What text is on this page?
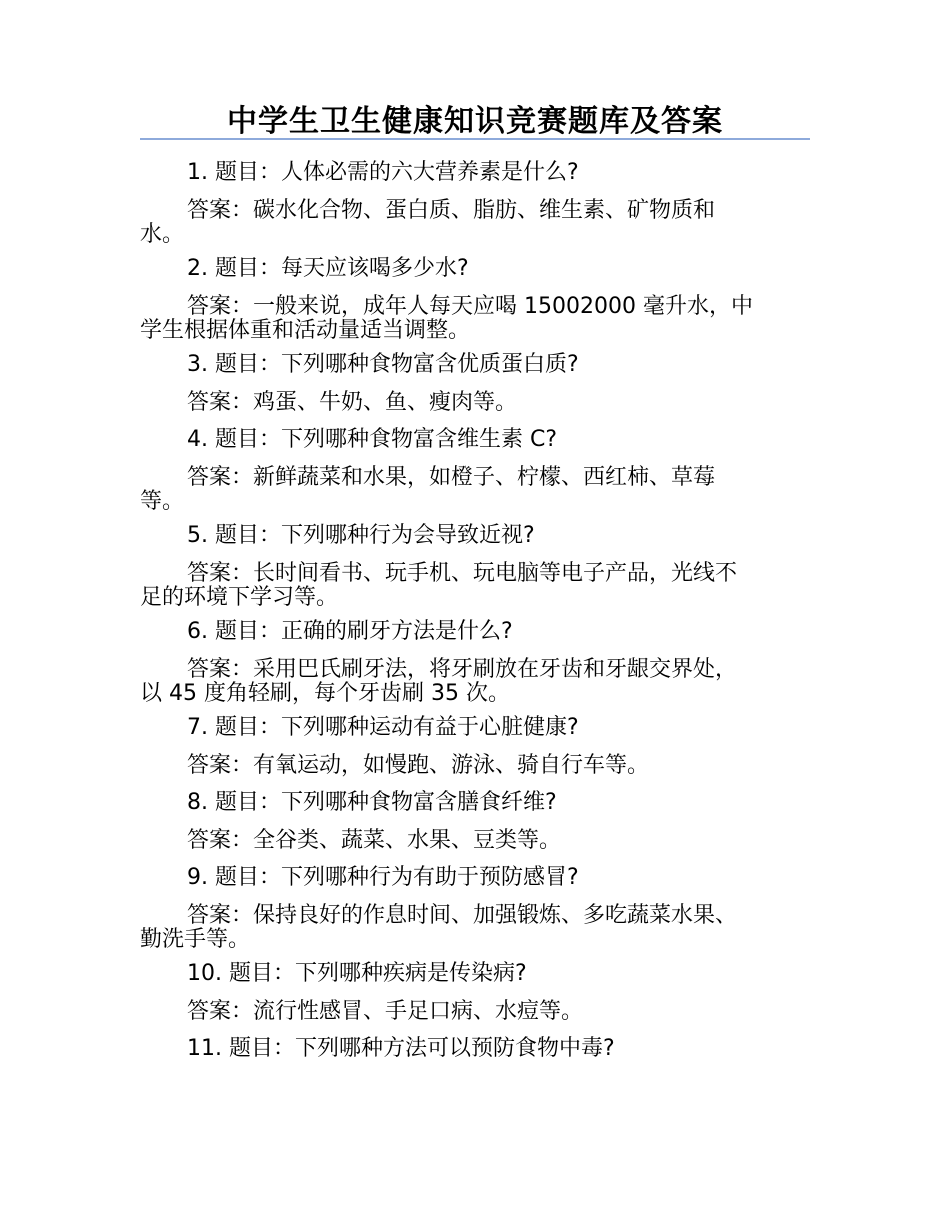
中学生卫生健康知识竞赛题库及答案

1. 题目：人体必需的六大营养素是什么?

答案：碳水化合物、蛋白质、脂肪、维生素、矿物质和

水。

2. 题目：每天应该喝多少水?

答案：一般来说，成年人每天应喝 15002000 毫升水，中

学生根据体重和活动量适当调整。

3. 题目：下列哪种食物富含优质蛋白质?

答案：鸡蛋、牛奶、鱼、瘦肉等。

4. 题目：下列哪种食物富含维生素 C?

答案：新鲜蔬菜和水果，如橙子、柠檬、西红柿、草莓

等。

5. 题目：下列哪种行为会导致近视?

答案：长时间看书、玩手机、玩电脑等电子产品，光线不

足的环境下学习等。

6. 题目：正确的刷牙方法是什么?

答案：采用巴氏刷牙法，将牙刷放在牙齿和牙龈交界处，

以 45 度角轻刷，每个牙齿刷 35 次。

7. 题目：下列哪种运动有益于心脏健康?

答案：有氧运动，如慢跑、游泳、骑自行车等。

8. 题目：下列哪种食物富含膳食纤维?

答案：全谷类、蔬菜、水果、豆类等。

9. 题目：下列哪种行为有助于预防感冒?

答案：保持良好的作息时间、加强锻炼、多吃蔬菜水果、

勤洗手等。

10. 题目：下列哪种疾病是传染病?

答案：流行性感冒、手足口病、水痘等。

11. 题目：下列哪种方法可以预防食物中毒?
